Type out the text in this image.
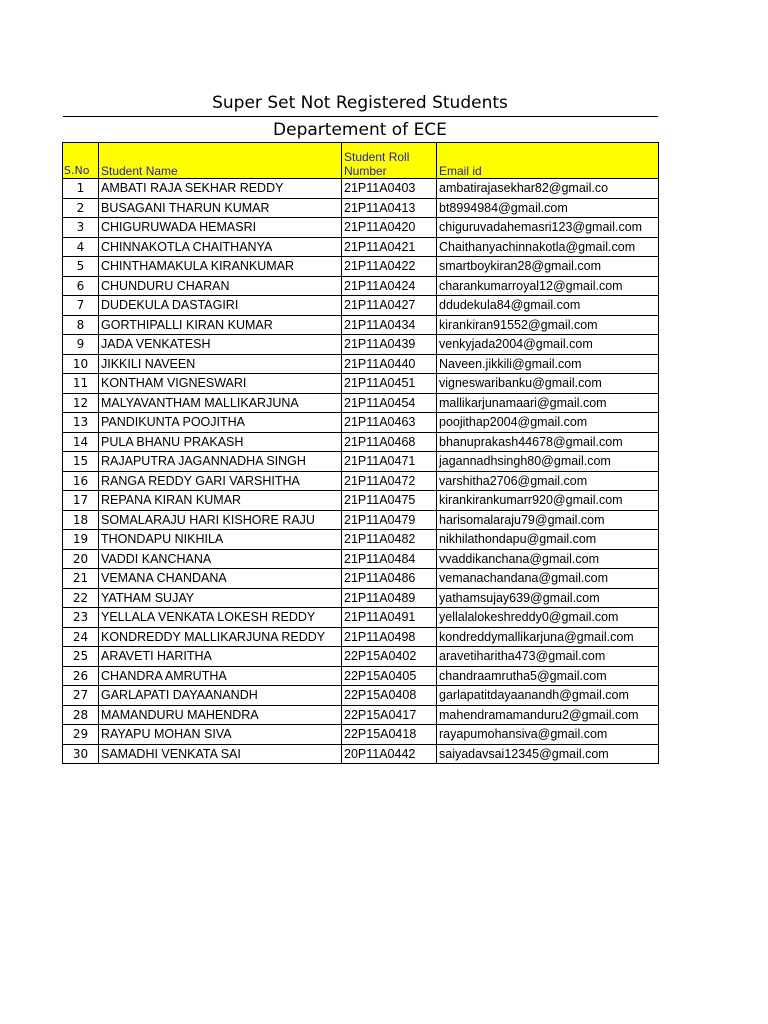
Super Set Not Registered Students
Departement of ECE
S.No	Student Name	Student Roll Number	Email id
1	AMBATI RAJA SEKHAR REDDY	21P11A0403	ambatirajasekhar82@gmail.co
2	BUSAGANI THARUN KUMAR	21P11A0413	bt8994984@gmail.com
3	CHIGURUWADA HEMASRI	21P11A0420	chiguruvadahemasri123@gmail.com
4	CHINNAKOTLA CHAITHANYA	21P11A0421	Chaithanyachinnakotla@gmail.com
5	CHINTHAMAKULA KIRANKUMAR	21P11A0422	smartboykiran28@gmail.com
6	CHUNDURU CHARAN	21P11A0424	charankumarroyal12@gmail.com
7	DUDEKULA DASTAGIRI	21P11A0427	ddudekula84@gmail.com
8	GORTHIPALLI KIRAN KUMAR	21P11A0434	kirankiran91552@gmail.com
9	JADA VENKATESH	21P11A0439	venkyjada2004@gmail.com
10	JIKKILI NAVEEN	21P11A0440	Naveen.jikkili@gmail.com
11	KONTHAM VIGNESWARI	21P11A0451	vigneswaribanku@gmail.com
12	MALYAVANTHAM MALLIKARJUNA	21P11A0454	mallikarjunamaari@gmail.com
13	PANDIKUNTA POOJITHA	21P11A0463	poojithap2004@gmail.com
14	PULA BHANU PRAKASH	21P11A0468	bhanuprakash44678@gmail.com
15	RAJAPUTRA JAGANNADHA SINGH	21P11A0471	jagannadhsingh80@gmail.com
16	RANGA REDDY GARI VARSHITHA	21P11A0472	varshitha2706@gmail.com
17	REPANA KIRAN KUMAR	21P11A0475	kirankirankumarr920@gmail.com
18	SOMALARAJU HARI KISHORE RAJU	21P11A0479	harisomalaraju79@gmail.com
19	THONDAPU NIKHILA	21P11A0482	nikhilathondapu@gmail.com
20	VADDI KANCHANA	21P11A0484	vvaddikanchana@gmail.com
21	VEMANA CHANDANA	21P11A0486	vemanachandana@gmail.com
22	YATHAM SUJAY	21P11A0489	yathamsujay639@gmail.com
23	YELLALA VENKATA LOKESH REDDY	21P11A0491	yellalalokeshreddy0@gmail.com
24	KONDREDDY MALLIKARJUNA REDDY	21P11A0498	kondreddymallikarjuna@gmail.com
25	ARAVETI HARITHA	22P15A0402	aravetiharitha473@gmail.com
26	CHANDRA AMRUTHA	22P15A0405	chandraamrutha5@gmail.com
27	GARLAPATI DAYAANANDH	22P15A0408	garlapatitdayaanandh@gmail.com
28	MAMANDURU MAHENDRA	22P15A0417	mahendramamanduru2@gmail.com
29	RAYAPU MOHAN SIVA	22P15A0418	rayapumohansiva@gmail.com
30	SAMADHI VENKATA SAI	20P11A0442	saiyadavsai12345@gmail.com
